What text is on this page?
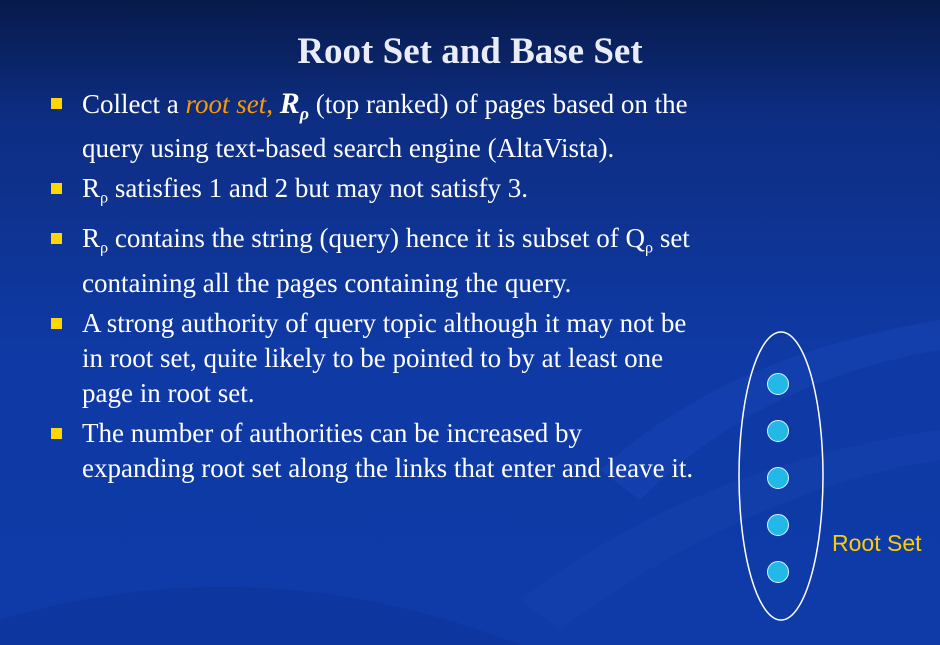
Root Set and Base Set
Collect a root set, $R_\rho$ (top ranked) of pages based on the query using text-based search engine (AltaVista).
$R_\rho$ satisfies 1 and 2 but may not satisfy 3.
$R_\rho$ contains the string (query) hence it is subset of $Q_\rho$ set containing all the pages containing the query.
A strong authority of query topic although it may not be in root set, quite likely to be pointed to by at least one page in root set.
The number of authorities can be increased by expanding root set along the links that enter and leave it.
Root Set
